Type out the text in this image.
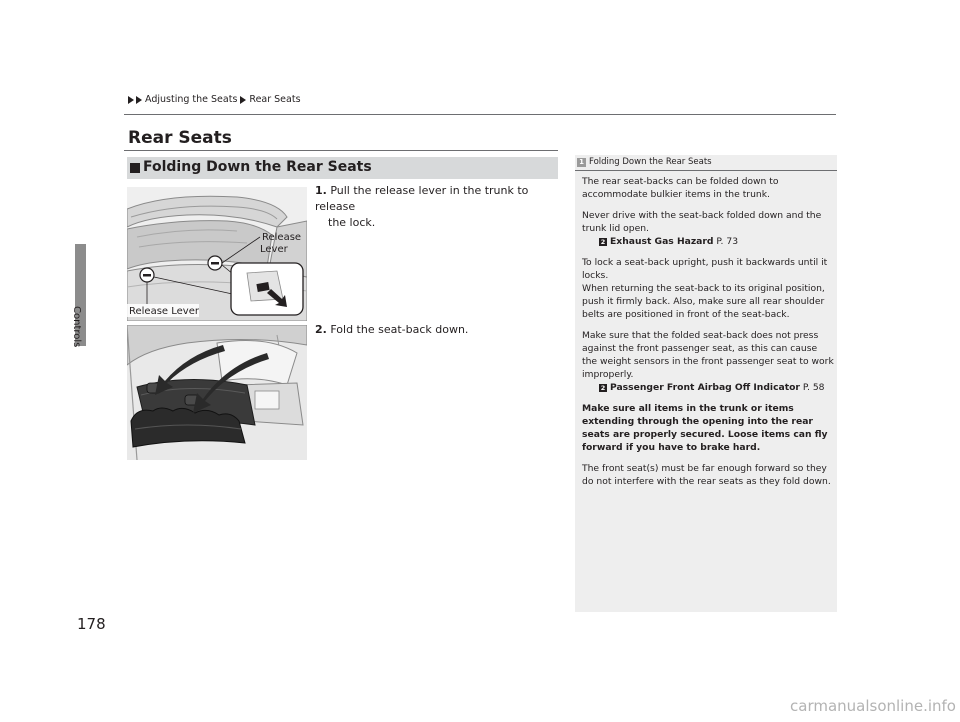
Controls
Adjusting the Seats Rear Seats
Rear Seats
Folding Down the Rear Seats
Release
Lever
Release Lever
1. Pull the release lever in the trunk to release
the lock.
2. Fold the seat-back down.
1 Folding Down the Rear Seats

The rear seat-backs can be folded down to accommodate bulkier items in the trunk.

Never drive with the seat-back folded down and the trunk lid open.

2 Exhaust Gas Hazard P. 73

To lock a seat-back upright, push it backwards until it locks.

When returning the seat-back to its original position, push it firmly back. Also, make sure all rear shoulder belts are positioned in front of the seat-back.

Make sure that the folded seat-back does not press against the front passenger seat, as this can cause the weight sensors in the front passenger seat to work improperly.

2 Passenger Front Airbag Off Indicator P. 58

Make sure all items in the trunk or items extending through the opening into the rear seats are properly secured. Loose items can fly forward if you have to brake hard.

The front seat(s) must be far enough forward so they do not interfere with the rear seats as they fold down.

178
carmanualsonline.info
